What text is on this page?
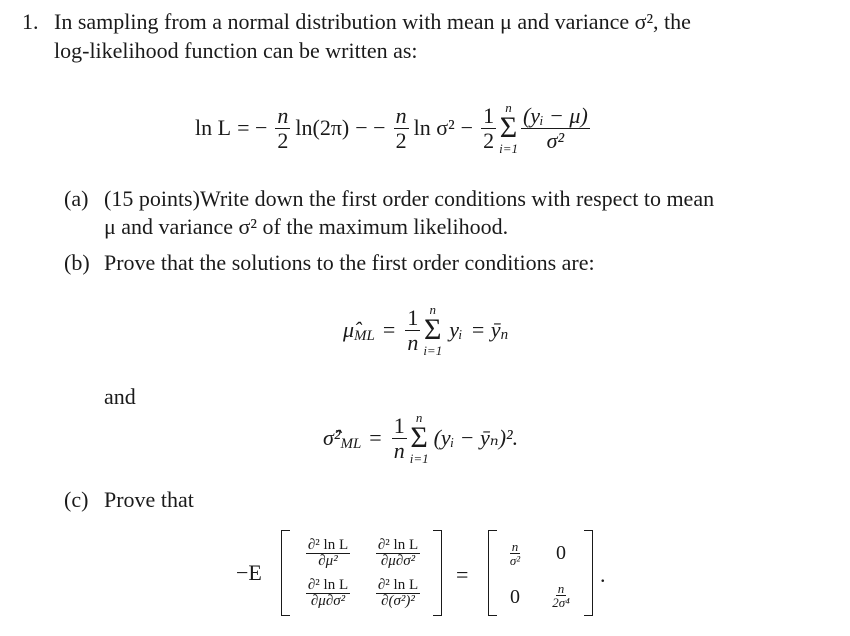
1. In sampling from a normal distribution with mean μ and variance σ², the
log-likelihood function can be written as:
ln L = − $\frac{n}{2} \ln(2\pi)$ − − $\frac{n}{2}$ $\ln \sigma^2 - \frac{1}{2}$ n
Σ
$i=1 \frac{\text{(yᵢ − μ)}}{\text{σ²}}$
(a) (15 points)Write down the first order conditions with respect to mean
μ and variance σ² of the maximum likelihood.
(b) Prove that the solutions to the first order conditions are:
μ̂ ML = $\frac{1}{n}$ n
Σ
i=1
yᵢ = ȳ n
and
σ̂² ML = $\frac{1}{n}$ n
Σ
i=1
(yᵢ − ȳₙ)².
(c) Prove that
−E
$\frac{\text{∂² ln L}}{\text{∂μ²}} \frac{\text{∂² ln L}}{\text{∂μ∂σ²}}$
$\frac{\text{∂² ln L}}{\text{∂μ∂σ²}} \frac{\text{∂² ln L}}{\text{∂(σ²)²}}$
=
$\frac{n}{\text{σ²}} 0$
$0 \frac{n}{\text{2σ⁴}}$
.
